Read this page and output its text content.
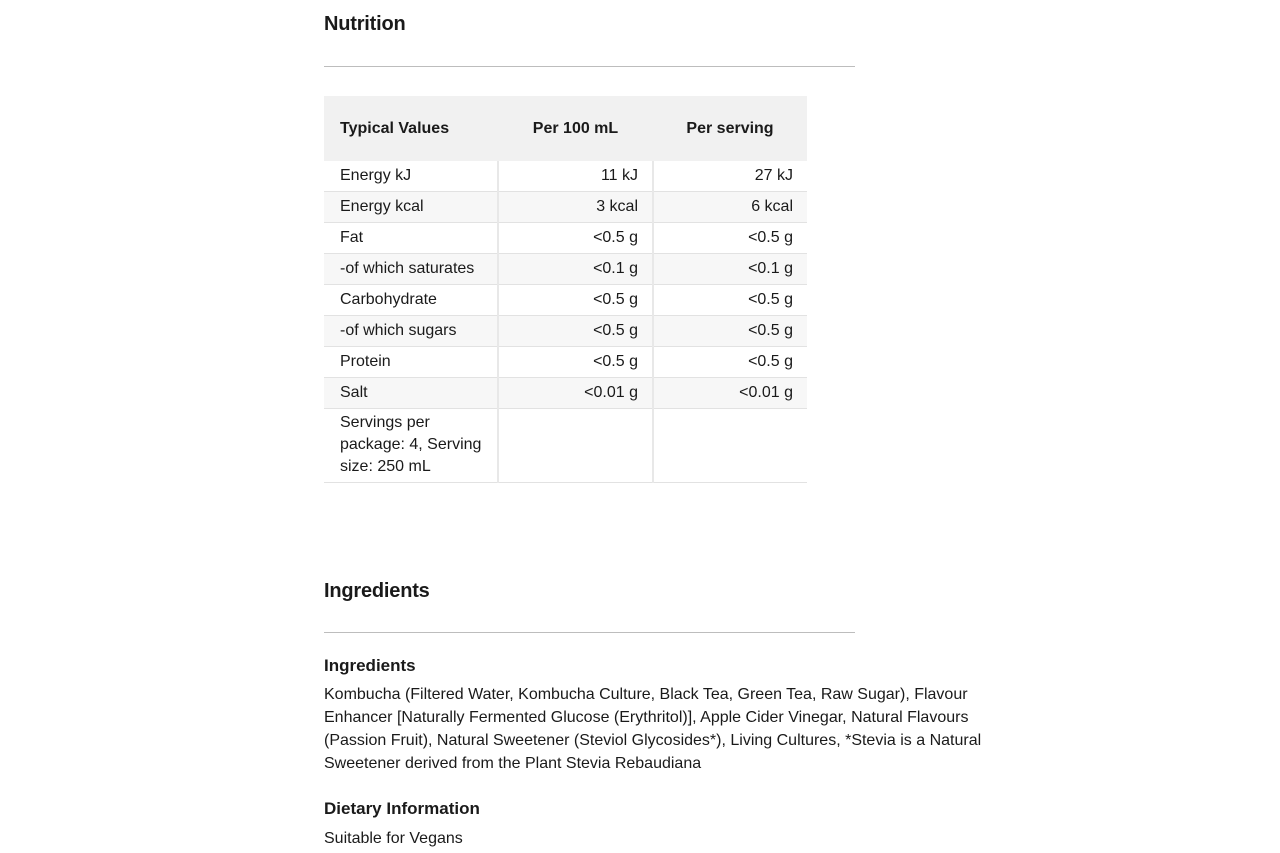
Nutrition
Typical Values	Per 100 mL	Per serving
Energy kJ	11 kJ	27 kJ
Energy kcal	3 kcal	6 kcal
Fat	<0.5 g	<0.5 g
-of which saturates	<0.1 g	<0.1 g
Carbohydrate	<0.5 g	<0.5 g
-of which sugars	<0.5 g	<0.5 g
Protein	<0.5 g	<0.5 g
Salt	<0.01 g	<0.01 g
Servings per package: 4, Serving size: 250 mL		
Ingredients
Ingredients

Kombucha (Filtered Water, Kombucha Culture, Black Tea, Green Tea, Raw Sugar), Flavour Enhancer [Naturally Fermented Glucose (Erythritol)], Apple Cider Vinegar, Natural Flavours (Passion Fruit), Natural Sweetener (Steviol Glycosides*), Living Cultures, *Stevia is a Natural Sweetener derived from the Plant Stevia Rebaudiana

Dietary Information

Suitable for Vegans
